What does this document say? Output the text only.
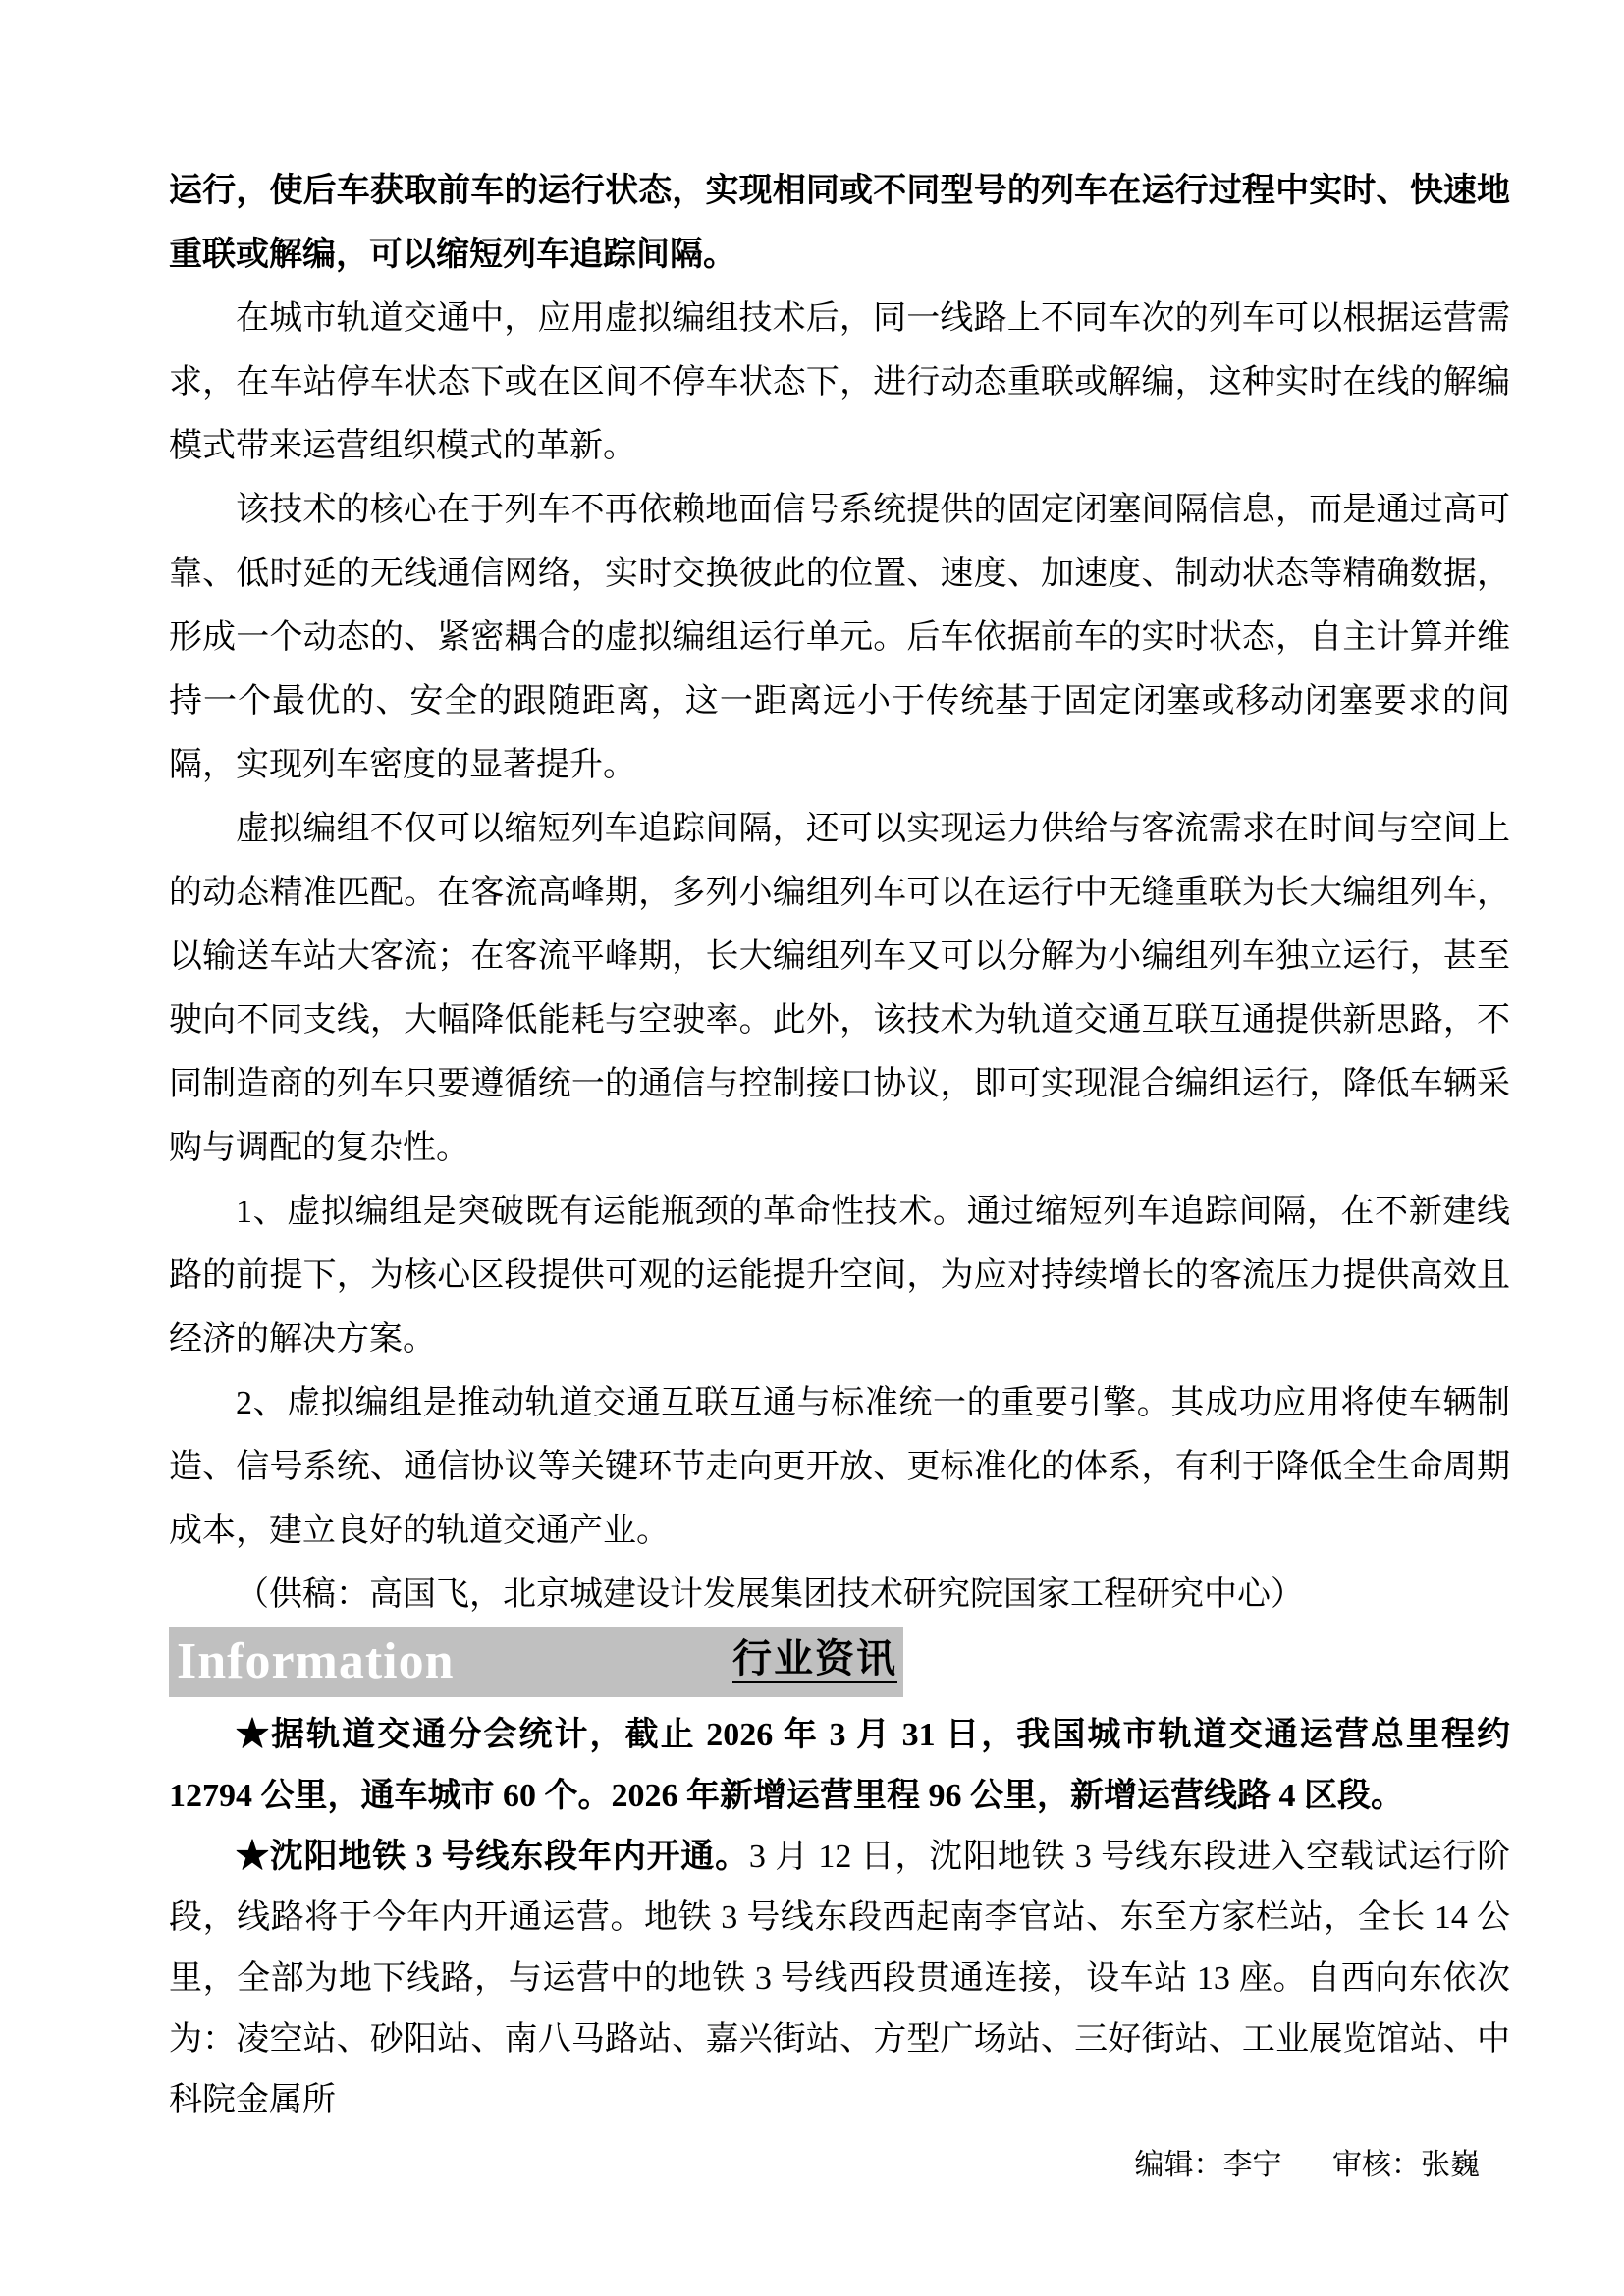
运行，使后车获取前车的运行状态，实现相同或不同型号的列车在运行过程中实时、快速地重联或解编，可以缩短列车追踪间隔。

在城市轨道交通中，应用虚拟编组技术后，同一线路上不同车次的列车可以根据运营需求，在车站停车状态下或在区间不停车状态下，进行动态重联或解编，这种实时在线的解编模式带来运营组织模式的革新。

该技术的核心在于列车不再依赖地面信号系统提供的固定闭塞间隔信息，而是通过高可靠、低时延的无线通信网络，实时交换彼此的位置、速度、加速度、制动状态等精确数据，形成一个动态的、紧密耦合的虚拟编组运行单元。后车依据前车的实时状态，自主计算并维持一个最优的、安全的跟随距离，这一距离远小于传统基于固定闭塞或移动闭塞要求的间隔，实现列车密度的显著提升。

虚拟编组不仅可以缩短列车追踪间隔，还可以实现运力供给与客流需求在时间与空间上的动态精准匹配。在客流高峰期，多列小编组列车可以在运行中无缝重联为长大编组列车，以输送车站大客流；在客流平峰期，长大编组列车又可以分解为小编组列车独立运行，甚至驶向不同支线，大幅降低能耗与空驶率。此外，该技术为轨道交通互联互通提供新思路，不同制造商的列车只要遵循统一的通信与控制接口协议，即可实现混合编组运行，降低车辆采购与调配的复杂性。

1、虚拟编组是突破既有运能瓶颈的革命性技术。通过缩短列车追踪间隔，在不新建线路的前提下，为核心区段提供可观的运能提升空间，为应对持续增长的客流压力提供高效且经济的解决方案。

2、虚拟编组是推动轨道交通互联互通与标准统一的重要引擎。其成功应用将使车辆制造、信号系统、通信协议等关键环节走向更开放、更标准化的体系，有利于降低全生命周期成本，建立良好的轨道交通产业。

（供稿：高国飞，北京城建设计发展集团技术研究院国家工程研究中心）

Information	行业资讯

★据轨道交通分会统计，截止 2026 年 3 月 31 日，我国城市轨道交通运营总里程约 12794 公里，通车城市 60 个。2026 年新增运营里程 96 公里，新增运营线路 4 区段。

★沈阳地铁 3 号线东段年内开通。3 月 12 日，沈阳地铁 3 号线东段进入空载试运行阶段，线路将于今年内开通运营。地铁 3 号线东段西起南李官站、东至方家栏站，全长 14 公里，全部为地下线路，与运营中的地铁 3 号线西段贯通连接，设车站 13 座。自西向东依次为：凌空站、砂阳站、南八马路站、嘉兴街站、方型广场站、三好街站、工业展览馆站、中科院金属所

编辑：李宁 审核：张巍
